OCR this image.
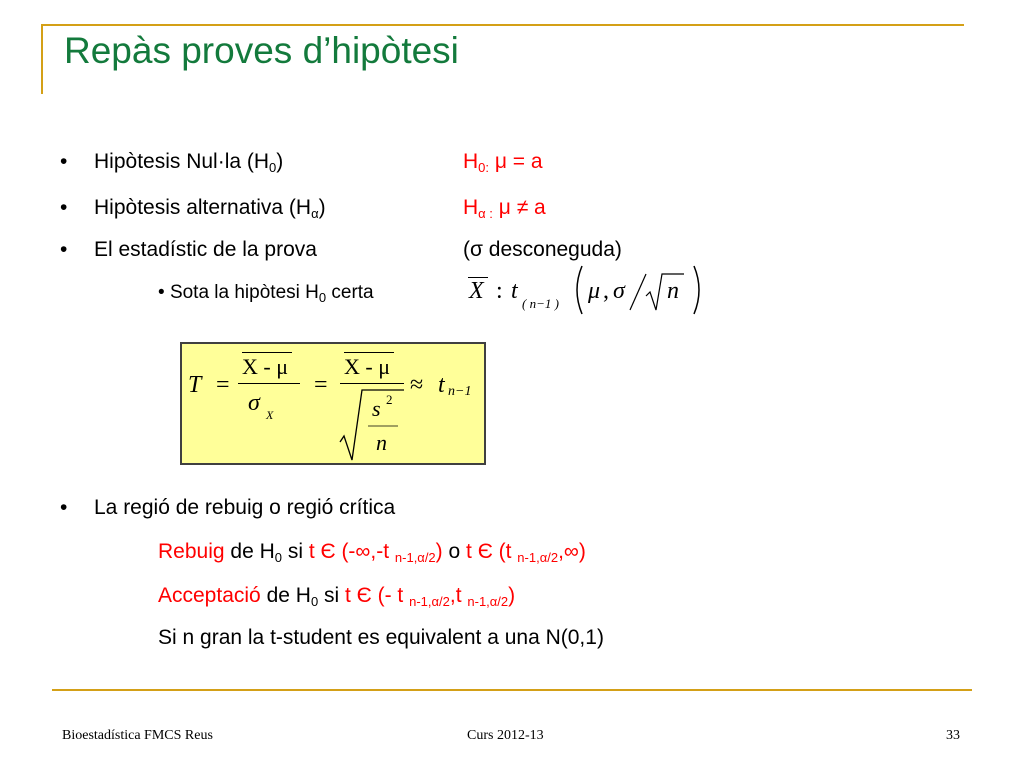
Repàs proves d’hipòtesi
• Hipòtesis Nul·la $(H_0)$	$H_{0:}$ μ = a
• Hipòtesis alternativa $(H_\alpha)$	$H_{\alpha :}$ μ ≠ a
• El estadístic de la prova	(σ desconeguda)
• Sota la hipòtesi $H_0$ certa	X : t ( n−1 ) μ , σ n
T =
X - μ
σ X
=
X - μ
s 2
n
≈ t n−1
• La regió de rebuig o regió crítica
Rebuig de $H_0$ si t Є (-∞,-t $_{n-1,\alpha/2}$) o t Є (t $_{n-1,\alpha/2}$,∞)
Acceptació de $H_0$ si t Є (- t $_{n-1,\alpha/2}$,t $_{n-1,\alpha/2}$)
Si n gran la t-student es equivalent a una N(0,1)
Bioestadística FMCS Reus	Curs 2012-13	33
